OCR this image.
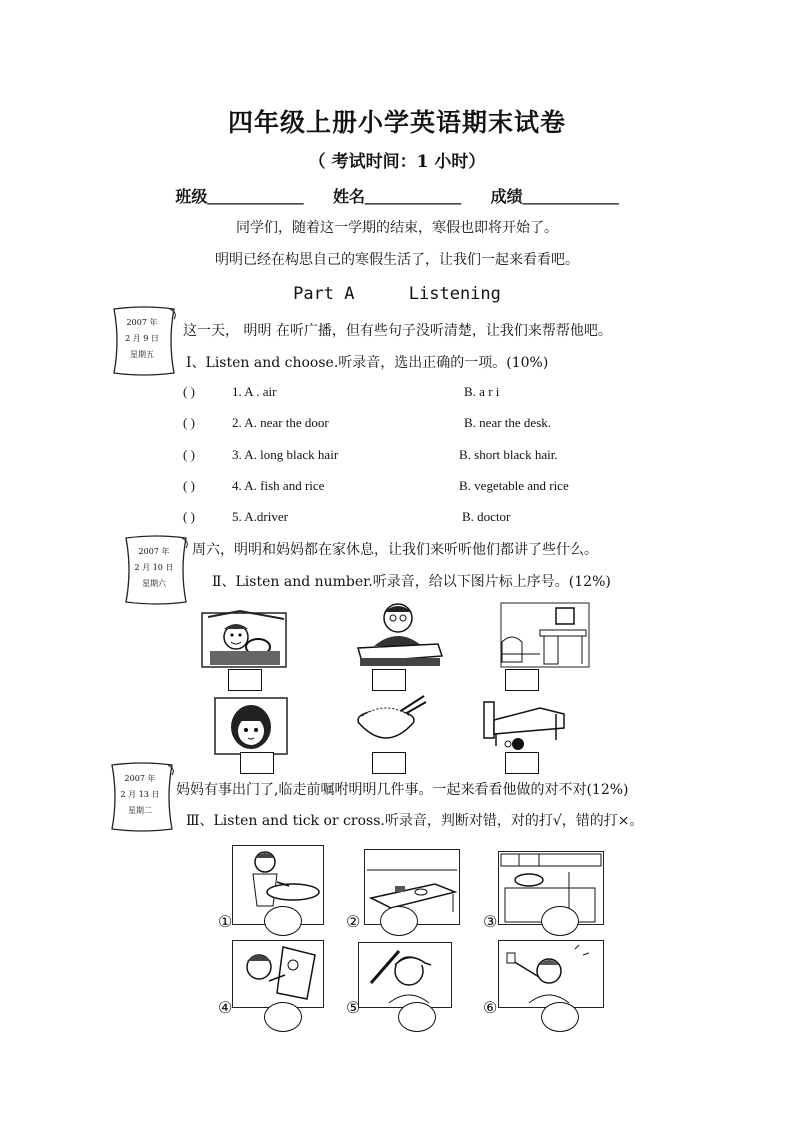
四年级上册小学英语期末试卷
（ 考试时间：1 小时）
班级＿＿＿＿＿＿ 姓名＿＿＿＿＿＿ 成绩＿＿＿＿＿＿
同学们，随着这一学期的结束，寒假也即将开始了。
明明已经在构思自己的寒假生活了，让我们一起来看看吧。
Part A	Listening
2007 年
2 月 9 日
星期五
2007 年
2 月 10 日
星期六
2007 年
2 月 13 日
星期二
这一天， 明明 在听广播，但有些句子没听清楚，让我们来帮帮他吧。
Ⅰ、Listen and choose.听录音，选出正确的一项。(10%)
( )	1. A . air	B. a r i
( )	2. A. near the door	B. near the desk.
( )	3. A. long black hair	B. short black hair.
( )	4. A. fish and rice	B. vegetable and rice
( )	5. A.driver	B. doctor
周六，明明和妈妈都在家休息，让我们来听听他们都讲了些什么。
Ⅱ、Listen and number.听录音，给以下图片标上序号。(12%)
妈妈有事出门了,临走前嘱咐明明几件事。一起来看看他做的对不对(12%)
Ⅲ、Listen and tick or cross.听录音，判断对错，对的打√，错的打×。
①	②	③
④	⑤	⑥
